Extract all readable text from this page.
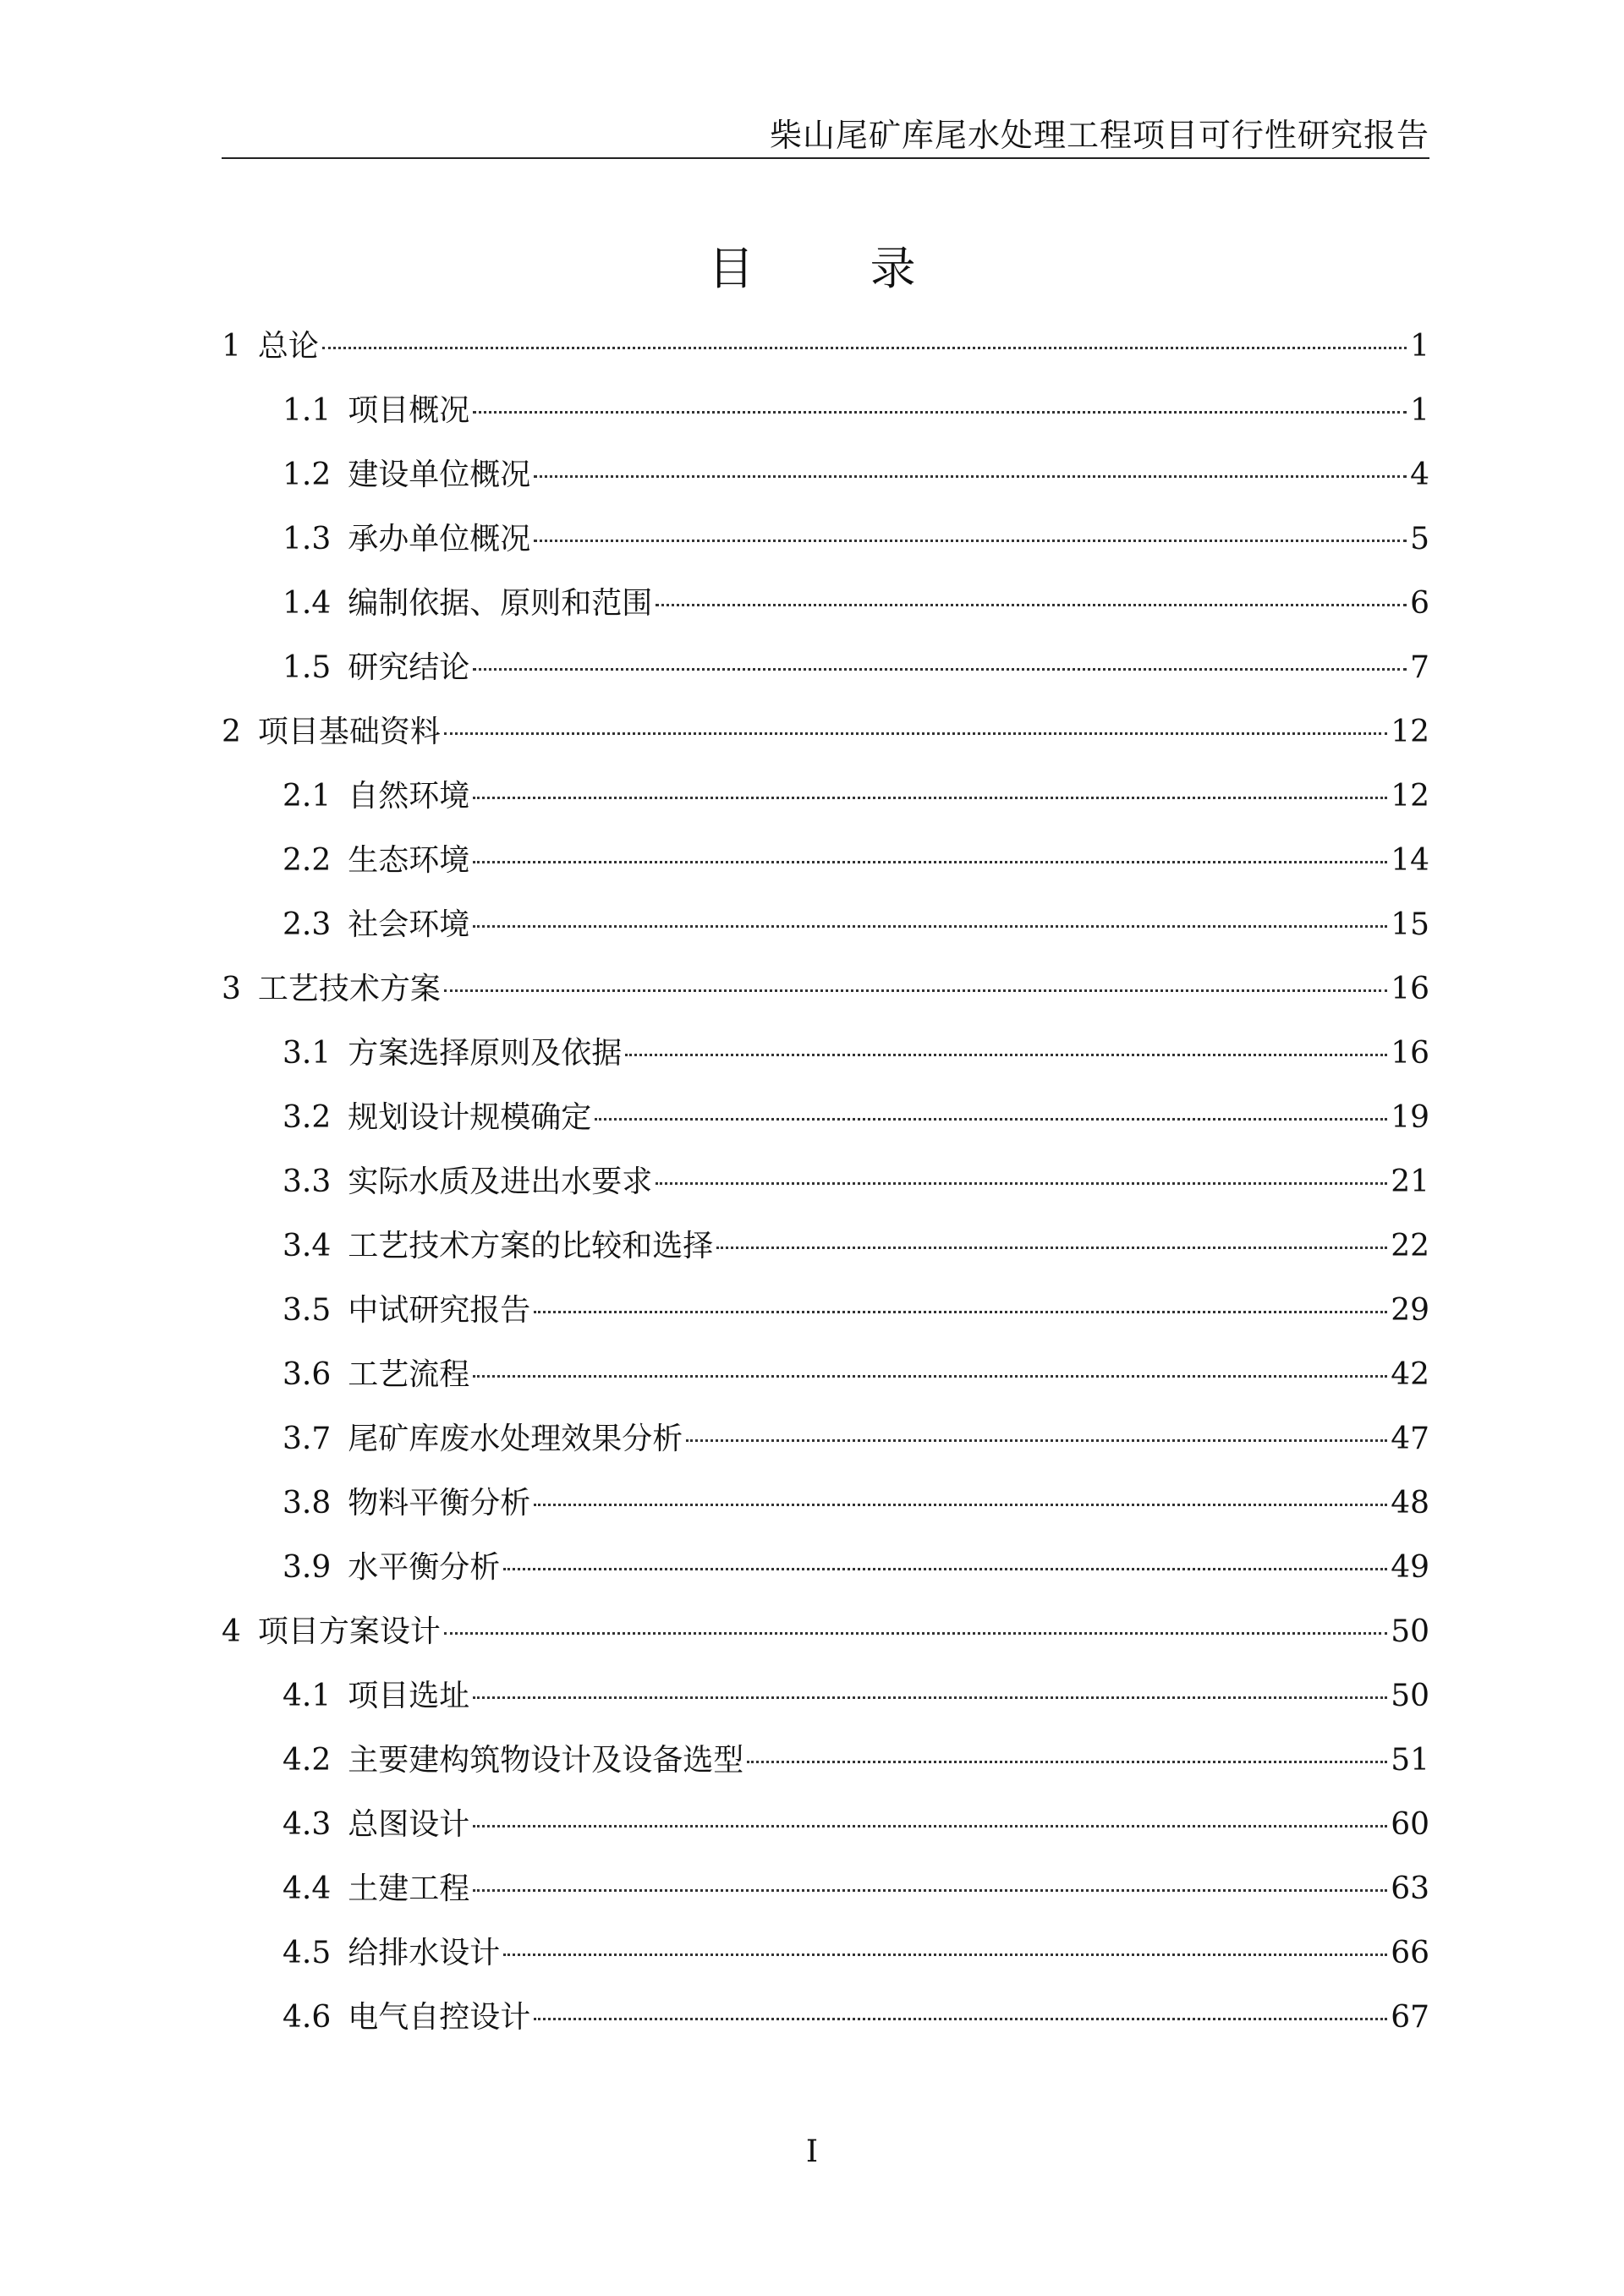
柴山尾矿库尾水处理工程项目可行性研究报告
目 录
1 总论	1
1.1 项目概况	1
1.2 建设单位概况	4
1.3 承办单位概况	5
1.4 编制依据、原则和范围	6
1.5 研究结论	7
2 项目基础资料	12
2.1 自然环境	12
2.2 生态环境	14
2.3 社会环境	15
3 工艺技术方案	16
3.1 方案选择原则及依据	16
3.2 规划设计规模确定	19
3.3 实际水质及进出水要求	21
3.4 工艺技术方案的比较和选择	22
3.5 中试研究报告	29
3.6 工艺流程	42
3.7 尾矿库废水处理效果分析	47
3.8 物料平衡分析	48
3.9 水平衡分析	49
4 项目方案设计	50
4.1 项目选址	50
4.2 主要建构筑物设计及设备选型	51
4.3 总图设计	60
4.4 土建工程	63
4.5 给排水设计	66
4.6 电气自控设计	67
I
